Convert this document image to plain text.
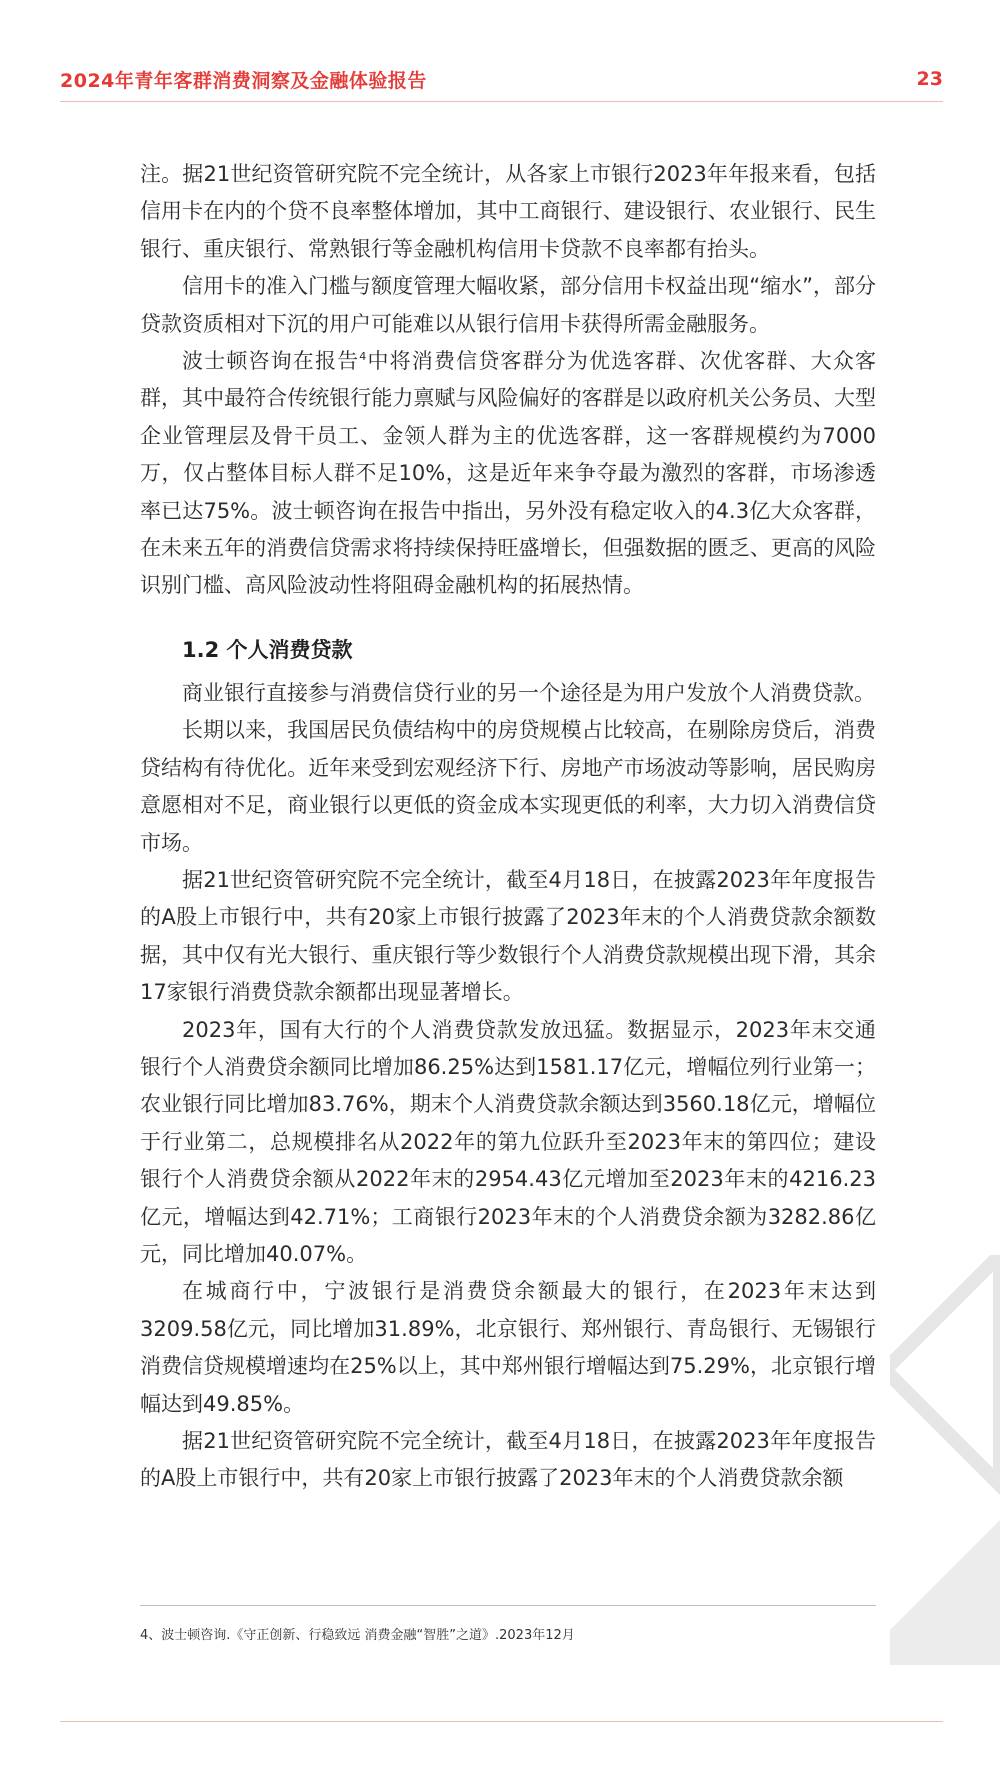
2024年青年客群消费洞察及金融体验报告	23

注。据21世纪资管研究院不完全统计，从各家上市银行2023年年报来看，包括信用卡在内的个贷不良率整体增加，其中工商银行、建设银行、农业银行、民生银行、重庆银行、常熟银行等金融机构信用卡贷款不良率都有抬头。

信用卡的准入门槛与额度管理大幅收紧，部分信用卡权益出现“缩水”，部分贷款资质相对下沉的用户可能难以从银行信用卡获得所需金融服务。

波士顿咨询在报告$^4$中将消费信贷客群分为优选客群、次优客群、大众客群，其中最符合传统银行能力禀赋与风险偏好的客群是以政府机关公务员、大型企业管理层及骨干员工、金领人群为主的优选客群，这一客群规模约为7000万，仅占整体目标人群不足10%，这是近年来争夺最为激烈的客群，市场渗透率已达75%。波士顿咨询在报告中指出，另外没有稳定收入的4.3亿大众客群，在未来五年的消费信贷需求将持续保持旺盛增长，但强数据的匮乏、更高的风险识别门槛、高风险波动性将阻碍金融机构的拓展热情。

1.2 个人消费贷款

商业银行直接参与消费信贷行业的另一个途径是为用户发放个人消费贷款。

长期以来，我国居民负债结构中的房贷规模占比较高，在剔除房贷后，消费贷结构有待优化。近年来受到宏观经济下行、房地产市场波动等影响，居民购房意愿相对不足，商业银行以更低的资金成本实现更低的利率，大力切入消费信贷市场。

据21世纪资管研究院不完全统计，截至4月18日，在披露2023年年度报告的A股上市银行中，共有20家上市银行披露了2023年末的个人消费贷款余额数据，其中仅有光大银行、重庆银行等少数银行个人消费贷款规模出现下滑，其余17家银行消费贷款余额都出现显著增长。

2023年，国有大行的个人消费贷款发放迅猛。数据显示，2023年末交通银行个人消费贷余额同比增加86.25%达到1581.17亿元，增幅位列行业第一；农业银行同比增加83.76%，期末个人消费贷款余额达到3560.18亿元，增幅位于行业第二，总规模排名从2022年的第九位跃升至2023年末的第四位；建设银行个人消费贷余额从2022年末的2954.43亿元增加至2023年末的4216.23亿元，增幅达到42.71%；工商银行2023年末的个人消费贷余额为3282.86亿元，同比增加40.07%。

在城商行中，宁波银行是消费贷余额最大的银行，在2023年末达到3209.58亿元，同比增加31.89%，北京银行、郑州银行、青岛银行、无锡银行消费信贷规模增速均在25%以上，其中郑州银行增幅达到75.29%，北京银行增幅达到49.85%。

据21世纪资管研究院不完全统计，截至4月18日，在披露2023年年度报告的A股上市银行中，共有20家上市银行披露了2023年末的个人消费贷款余额

4、波士顿咨询.《守正创新、行稳致远 消费金融“智胜”之道》.2023年12月
